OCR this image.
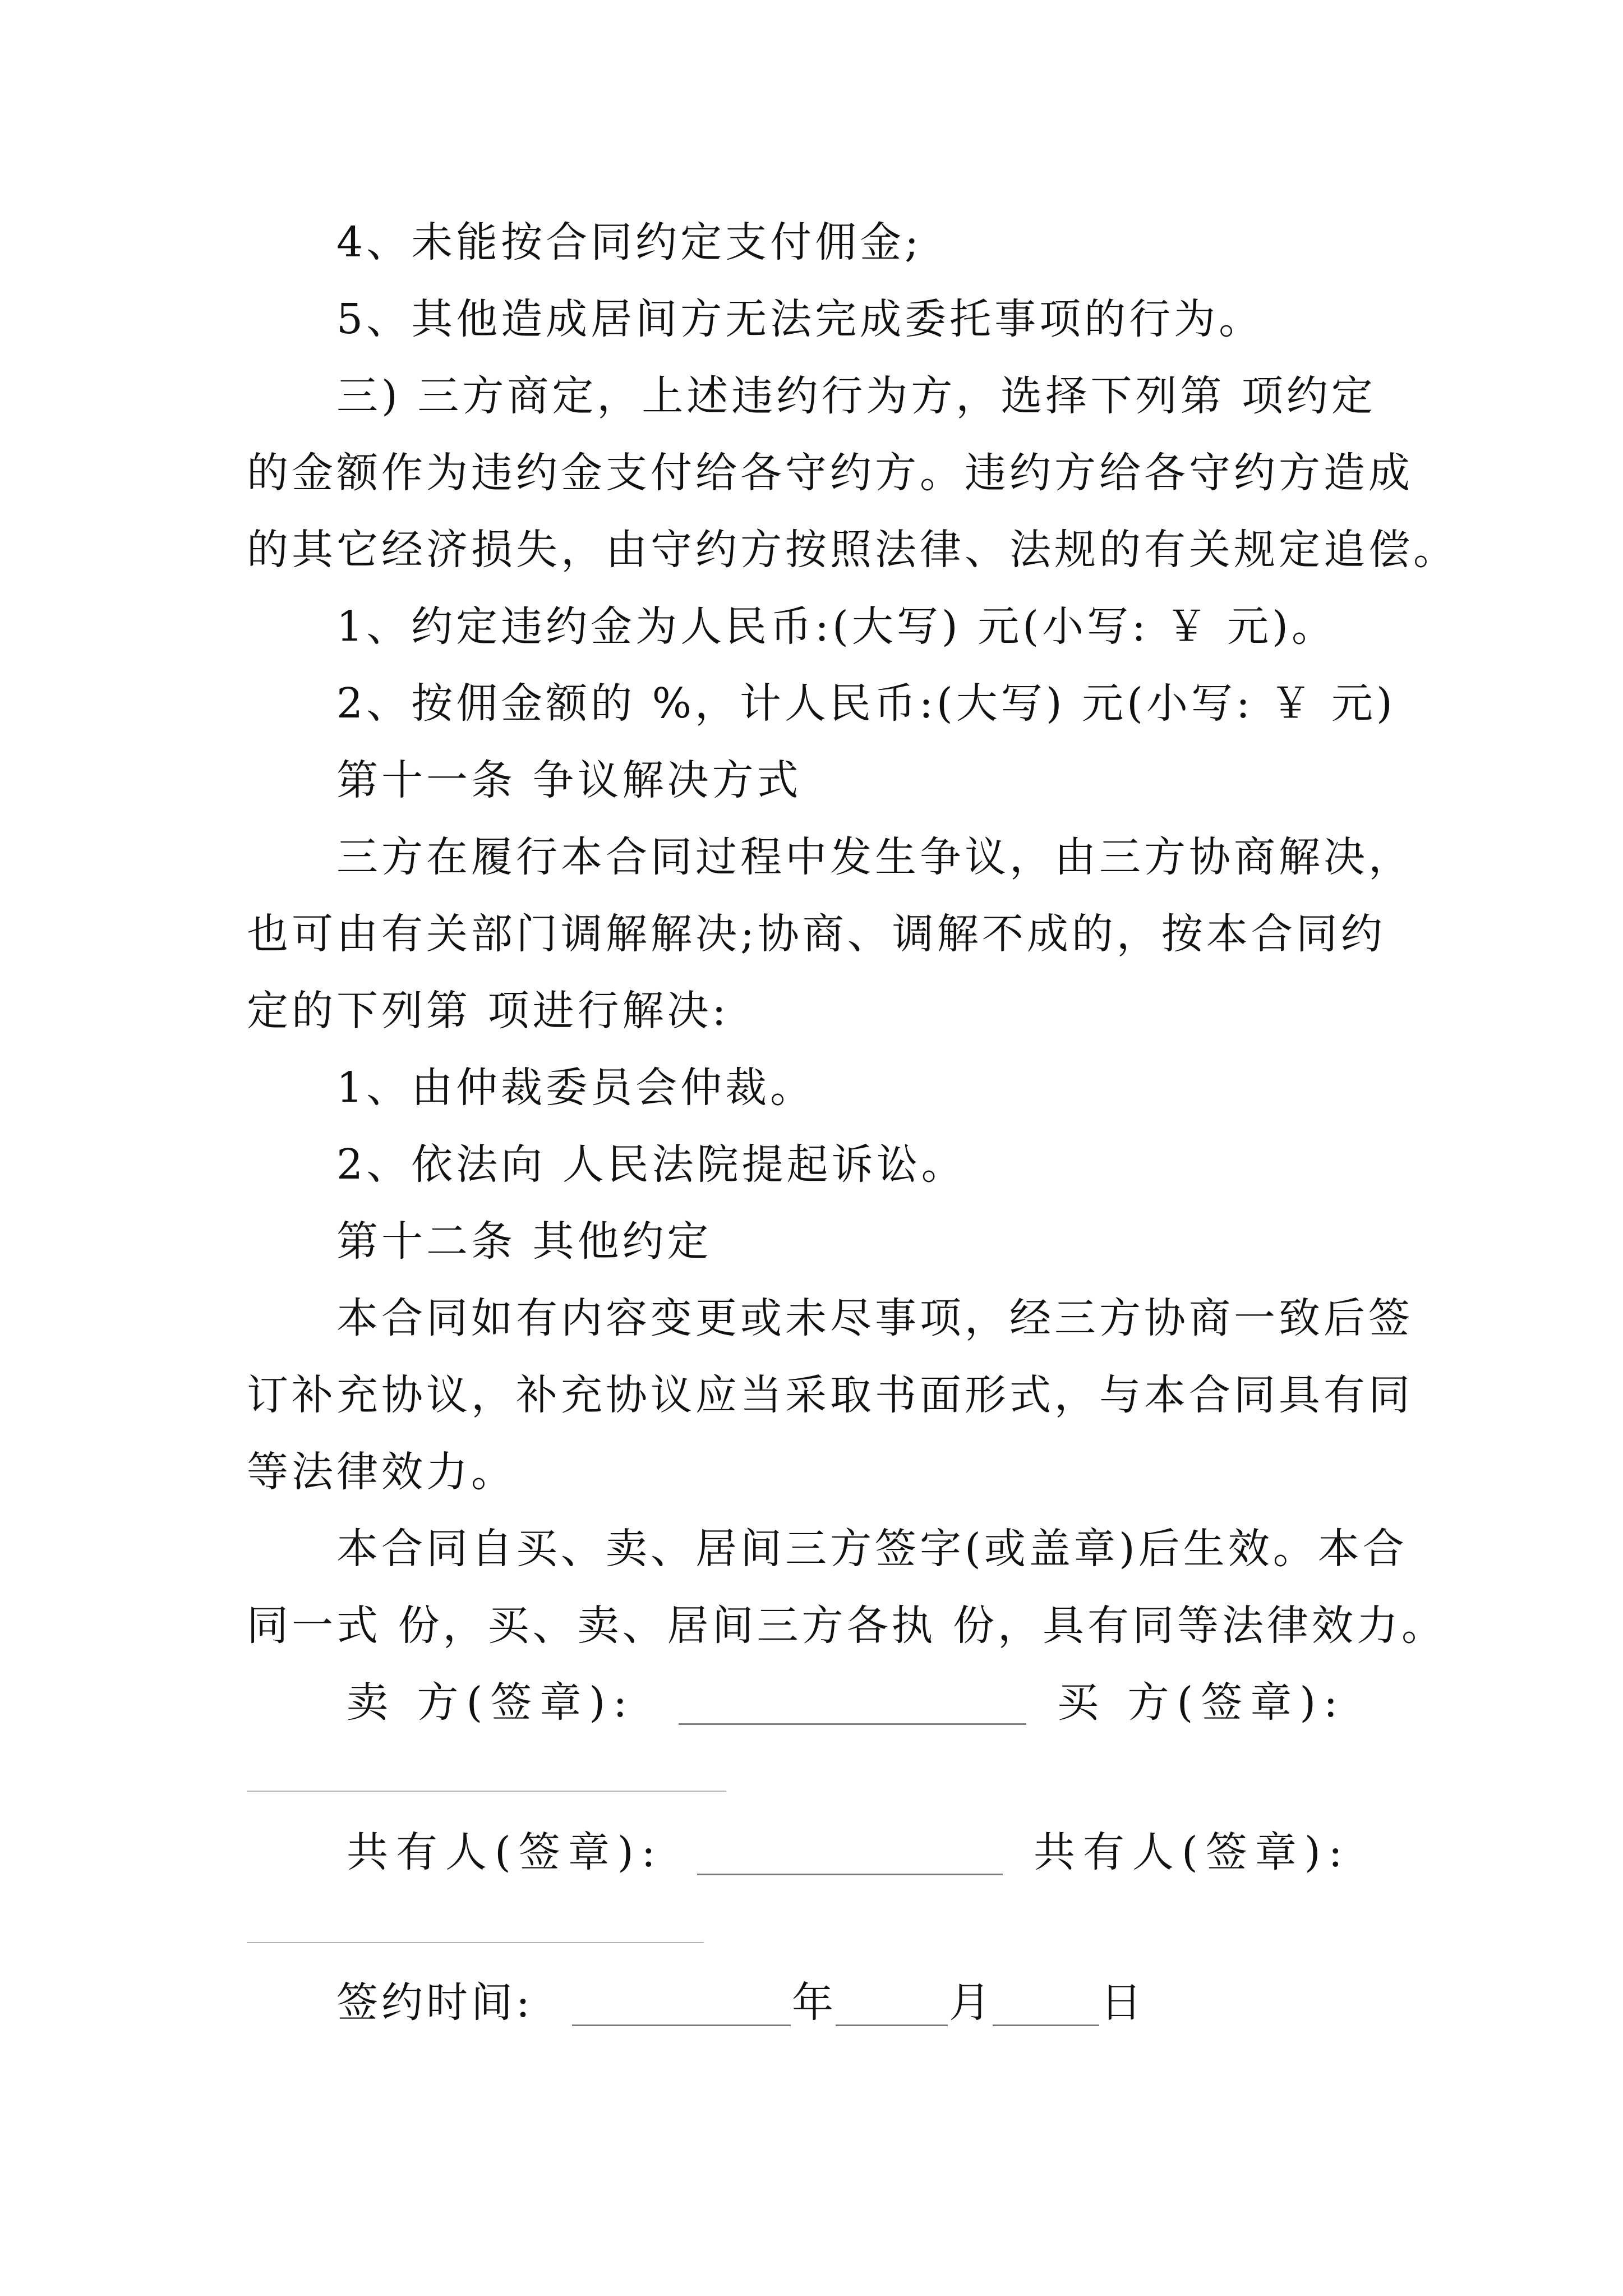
4、未能按合同约定支付佣金;
5、其他造成居间方无法完成委托事项的行为。
三) 三方商定，上述违约行为方，选择下列第 项约定
的金额作为违约金支付给各守约方。违约方给各守约方造成
的其它经济损失，由守约方按照法律、法规的有关规定追偿。
1、约定违约金为人民币:(大写) 元(小写: ￥ 元)。
2、按佣金额的 %，计人民币:(大写) 元(小写: ￥ 元)
第十一条 争议解决方式
三方在履行本合同过程中发生争议，由三方协商解决，
也可由有关部门调解解决;协商、调解不成的，按本合同约
定的下列第 项进行解决:
1、由仲裁委员会仲裁。
2、依法向 人民法院提起诉讼。
第十二条 其他约定
本合同如有内容变更或未尽事项，经三方协商一致后签
订补充协议，补充协议应当采取书面形式，与本合同具有同
等法律效力。
本合同自买、卖、居间三方签字(或盖章)后生效。本合
同一式 份，买、卖、居间三方各执 份，具有同等法律效力。
卖 方(签章):	买 方(签章):
共有人(签章):	共有人(签章):
签约时间:	年	月	日
